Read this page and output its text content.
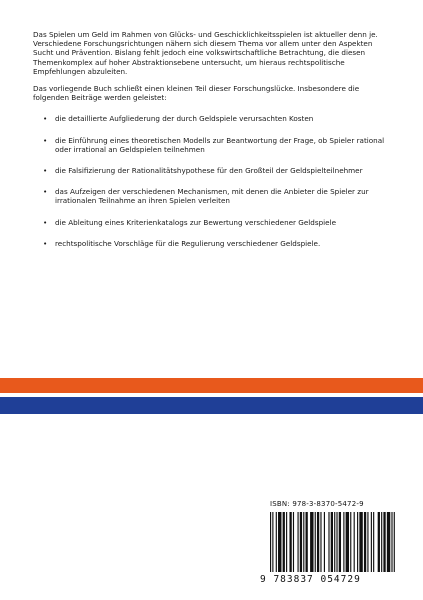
Das Spielen um Geld im Rahmen von Glücks- und Geschicklichkeitsspielen ist aktueller denn je. Verschiedene Forschungsrichtungen nähern sich diesem Thema vor allem unter den Aspekten Sucht und Prävention. Bislang fehlt jedoch eine volkswirtschaftliche Betrachtung, die diesen Themenkomplex auf hoher Abstraktionsebene untersucht, um hieraus rechtspolitische Empfehlungen abzuleiten.

Das vorliegende Buch schließt einen kleinen Teil dieser Forschungslücke. Insbesondere die folgenden Beiträge werden geleistet:

•	die detaillierte Aufgliederung der durch Geldspiele verursachten Kosten
•	die Einführung eines theoretischen Modells zur Beantwortung der Frage, ob Spieler rational oder irrational an Geldspielen teilnehmen
•	die Falsifizierung der Rationalitätshypothese für den Großteil der Geldspielteilnehmer
•	das Aufzeigen der verschiedenen Mechanismen, mit denen die Anbieter die Spieler zur irrationalen Teilnahme an ihren Spielen verleiten
•	die Ableitung eines Kriterienkatalogs zur Bewertung verschiedener Geldspiele
•	rechtspolitische Vorschläge für die Regulierung verschiedener Geldspiele.
ISBN: 978-3-8370-5472-9
9 783837 054729
